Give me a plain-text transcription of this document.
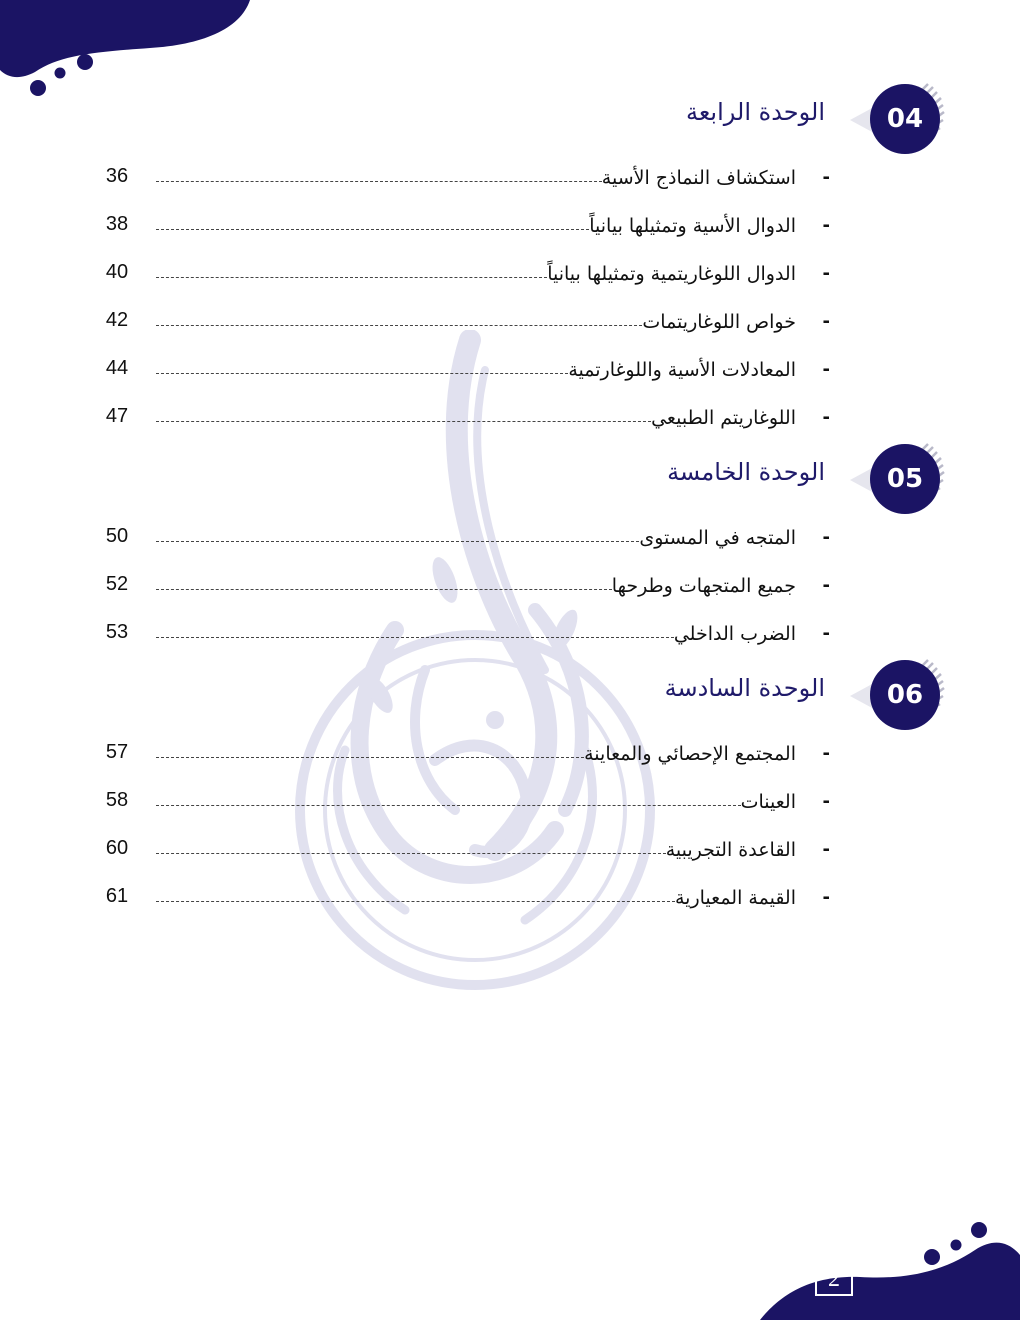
04
الوحدة الرابعة
36	استكشاف النماذج الأسية -
38	الدوال الأسية وتمثيلها بيانياً -
40	الدوال اللوغاريتمية وتمثيلها بيانياً -
42	خواص اللوغاريتمات -
44	المعادلات الأسية واللوغارتمية -
47	اللوغاريتم الطبيعي -
05
الوحدة الخامسة
50	المتجه في المستوى -
52	جميع المتجهات وطرحها -
53	الضرب الداخلي -
06
الوحدة السادسة
57	المجتمع الإحصائي والمعاينة -
58	العينات -
60	القاعدة التجريبية -
61	القيمة المعيارية -
2
